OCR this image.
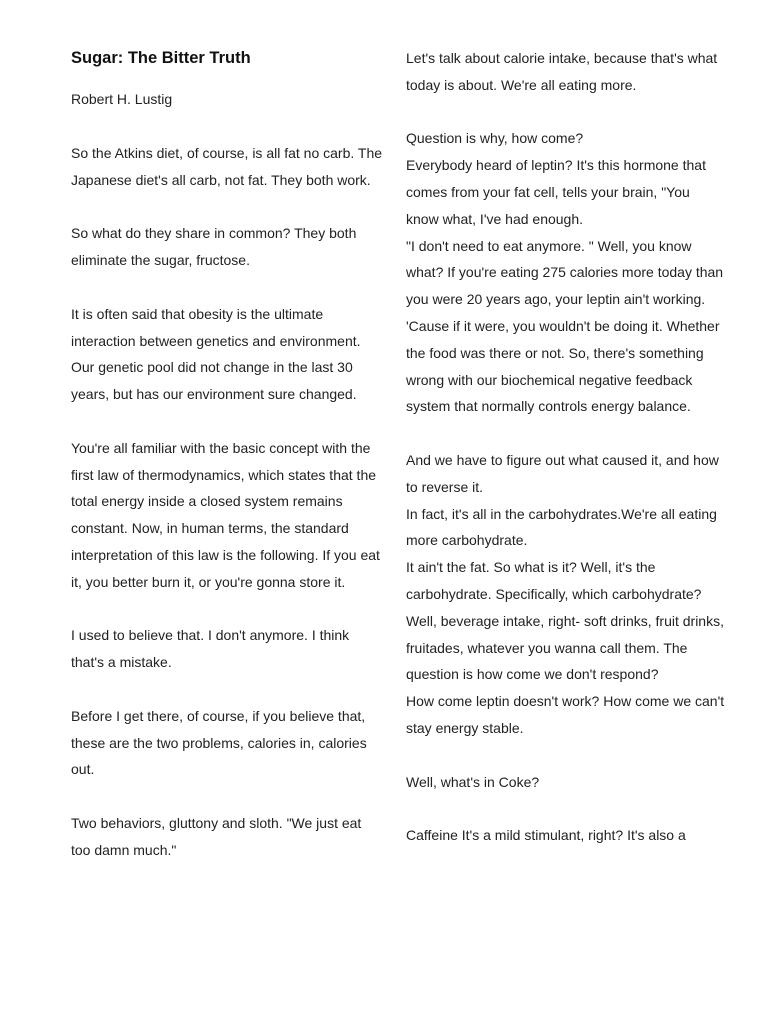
Sugar: The Bitter Truth
Robert H. Lustig

So the Atkins diet, of course, is all fat no carb. The Japanese diet's all carb, not fat. They both work.

So what do they share in common? They both eliminate the sugar, fructose.

It is often said that obesity is the ultimate interaction between genetics and environment. Our genetic pool did not change in the last 30 years, but has our environment sure changed.

You're all familiar with the basic concept with the first law of thermodynamics, which states that the total energy inside a closed system remains constant. Now, in human terms, the standard interpretation of this law is the following. If you eat it, you better burn it, or you're gonna store it.

I used to believe that. I don't anymore. I think that's a mistake.

Before I get there, of course, if you believe that, these are the two problems, calories in, calories out.

Two behaviors, gluttony and sloth. "We just eat too damn much."

Let's talk about calorie intake, because that's what today is about. We're all eating more.
Question is why, how come?
Everybody heard of leptin? It's this hormone that comes from your fat cell, tells your brain, "You know what, I've had enough.
"I don't need to eat anymore. " Well, you know what? If you're eating 275 calories more today than you were 20 years ago, your leptin ain't working.
'Cause if it were, you wouldn't be doing it. Whether the food was there or not. So, there's something wrong with our biochemical negative feedback system that normally controls energy balance.
And we have to figure out what caused it, and how to reverse it.
In fact, it's all in the carbohydrates.We're all eating more carbohydrate.
It ain't the fat. So what is it? Well, it's the carbohydrate. Specifically, which carbohydrate?
Well, beverage intake, right- soft drinks, fruit drinks, fruitades, whatever you wanna call them. The question is how come we don't respond?
How come leptin doesn't work? How come we can't stay energy stable.
Well, what's in Coke?
Caffeine It's a mild stimulant, right? It's also a
